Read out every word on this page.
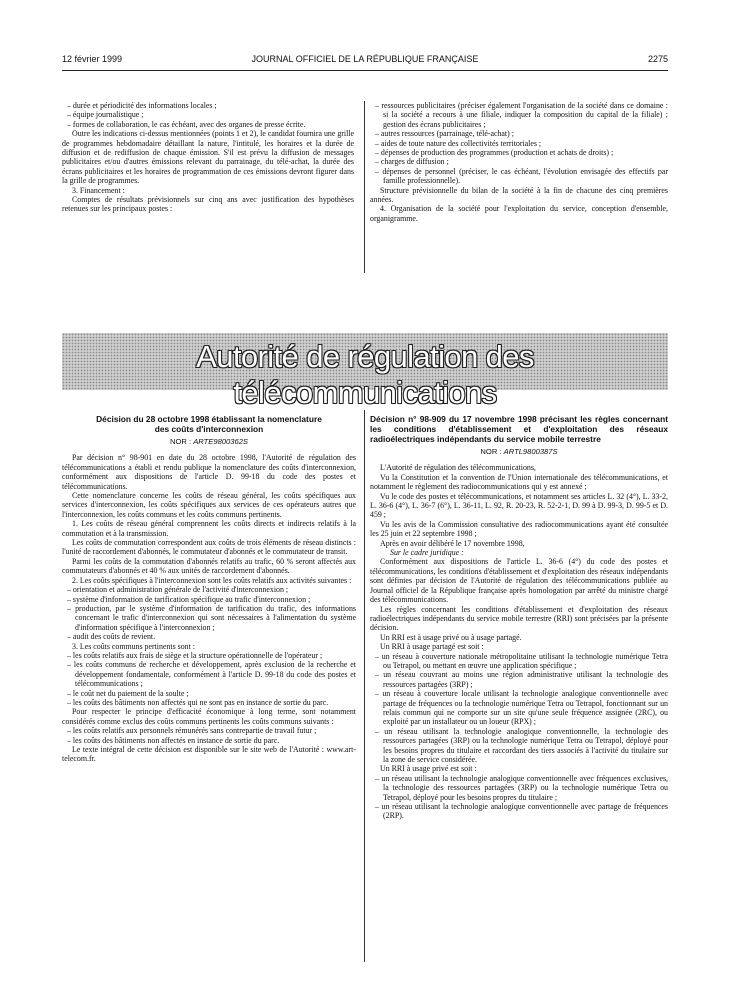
12 février 1999	JOURNAL OFFICIEL DE LA RÉPUBLIQUE FRANÇAISE	2275

– durée et périodicité des informations locales ;

– équipe journalistique ;

– formes de collaboration, le cas échéant, avec des organes de presse écrite.

Outre les indications ci-dessus mentionnées (points 1 et 2), le candidat fournira une grille de programmes hebdomadaire détaillant la nature, l'intitulé, les horaires et la durée de diffusion et de rediffusion de chaque émission. S'il est prévu la diffusion de messages publicitaires et/ou d'autres émissions relevant du parrainage, du télé-achat, la durée des écrans publicitaires et les horaires de programmation de ces émissions devront figurer dans la grille de programmes.

3. Financement :

Comptes de résultats prévisionnels sur cinq ans avec justification des hypothèses retenues sur les principaux postes :

– ressources publicitaires (préciser également l'organisation de la société dans ce domaine : si la société a recours à une filiale, indiquer la composition du capital de la filiale) ; gestion des écrans publicitaires ;

– autres ressources (parrainage, télé-achat) ;

– aides de toute nature des collectivités territoriales ;

– dépenses de production des programmes (production et achats de droits) ;

– charges de diffusion ;

– dépenses de personnel (préciser, le cas échéant, l'évolution envisagée des effectifs par famille professionnelle).

Structure prévisionnelle du bilan de la société à la fin de chacune des cinq premières années.

4. Organisation de la société pour l'exploitation du service, conception d'ensemble, organigramme.

Autorité de régulation des télécommunications
Décision du 28 octobre 1998 établissant la nomenclature des coûts d'interconnexion
NOR : ARTE9800362S

Par décision n° 98-901 en date du 28 octobre 1998, l'Autorité de régulation des télécommunications a établi et rendu publique la nomenclature des coûts d'interconnexion, conformément aux dispositions de l'article D. 99-18 du code des postes et télécommunications.

Cette nomenclature concerne les coûts de réseau général, les coûts spécifiques aux services d'interconnexion, les coûts spécifiques aux services de ces opérateurs autres que l'interconnexion, les coûts communs et les coûts communs pertinents.

1. Les coûts de réseau général comprennent les coûts directs et indirects relatifs à la commutation et à la transmission.

Les coûts de commutation correspondent aux coûts de trois éléments de réseau distincts : l'unité de raccordement d'abonnés, le commutateur d'abonnés et le commutateur de transit.

Parmi les coûts de la commutation d'abonnés relatifs au trafic, 60 % seront affectés aux commutateurs d'abonnés et 40 % aux unités de raccordement d'abonnés.

2. Les coûts spécifiques à l'interconnexion sont les coûts relatifs aux activités suivantes :

– orientation et administration générale de l'activité d'interconnexion ;

– système d'information de tarification spécifique au trafic d'interconnexion ;

– production, par le système d'information de tarification du trafic, des informations concernant le trafic d'interconnexion qui sont nécessaires à l'alimentation du système d'information spécifique à l'interconnexion ;

– audit des coûts de revient.

3. Les coûts communs pertinents sont :

– les coûts relatifs aux frais de siège et la structure opérationnelle de l'opérateur ;

– les coûts communs de recherche et développement, après exclusion de la recherche et développement fondamentale, conformément à l'article D. 99-18 du code des postes et télécommunications ;

– le coût net du paiement de la soulte ;

– les coûts des bâtiments non affectés qui ne sont pas en instance de sortie du parc.

Pour respecter le principe d'efficacité économique à long terme, sont notamment considérés comme exclus des coûts communs pertinents les coûts communs suivants :

– les coûts relatifs aux personnels rémunérés sans contrepartie de travail futur ;

– les coûts des bâtiments non affectés en instance de sortie du parc.

Le texte intégral de cette décision est disponible sur le site web de l'Autorité : www.art-telecom.fr.

Décision n° 98-909 du 17 novembre 1998 précisant les règles concernant les conditions d'établissement et d'exploitation des réseaux radioélectriques indépendants du service mobile terrestre
NOR : ARTL9800387S

L'Autorité de régulation des télécommunications,

Vu la Constitution et la convention de l'Union internationale des télécommunications, et notamment le règlement des radiocommunications qui y est annexé ;

Vu le code des postes et télécommunications, et notamment ses articles L. 32 (4°), L. 33-2, L. 36-6 (4°), L. 36-7 (6°), L. 36-11, L. 92, R. 20-23, R. 52-2-1, D. 99 à D. 99-3, D. 99-5 et D. 459 ;

Vu les avis de la Commission consultative des radiocommunications ayant été consultée les 25 juin et 22 septembre 1998 ;

Après en avoir délibéré le 17 novembre 1998,

Sur le cadre juridique :

Conformément aux dispositions de l'article L. 36-6 (4°) du code des postes et télécommunications, les conditions d'établissement et d'exploitation des réseaux indépendants sont définies par décision de l'Autorité de régulation des télécommunications publiée au Journal officiel de la République française après homologation par arrêté du ministre chargé des télécommunications.

Les règles concernant les conditions d'établissement et d'exploitation des réseaux radioélectriques indépendants du service mobile terrestre (RRI) sont précisées par la présente décision.

Un RRI est à usage privé ou à usage partagé.

Un RRI à usage partagé est soit :

– un réseau à couverture nationale métropolitaine utilisant la technologie numérique Tetra ou Tetrapol, ou mettant en œuvre une application spécifique ;

– un réseau couvrant au moins une région administrative utilisant la technologie des ressources partagées (3RP) ;

– un réseau à couverture locale utilisant la technologie analogique conventionnelle avec partage de fréquences ou la technologie numérique Tetra ou Tetrapol, fonctionnant sur un relais commun qui ne comporte sur un site qu'une seule fréquence assignée (2RC), ou exploité par un installateur ou un loueur (RPX) ;

– un réseau utilisant la technologie analogique conventionnelle, la technologie des ressources partagées (3RP) ou la technologie numérique Tetra ou Tetrapol, déployé pour les besoins propres du titulaire et raccordant des tiers associés à l'activité du titulaire sur la zone de service considérée.

Un RRI à usage privé est soit :

– un réseau utilisant la technologie analogique conventionnelle avec fréquences exclusives, la technologie des ressources partagées (3RP) ou la technologie numérique Tetra ou Tetrapol, déployé pour les besoins propres du titulaire ;

– un réseau utilisant la technologie analogique conventionnelle avec partage de fréquences (2RP).
